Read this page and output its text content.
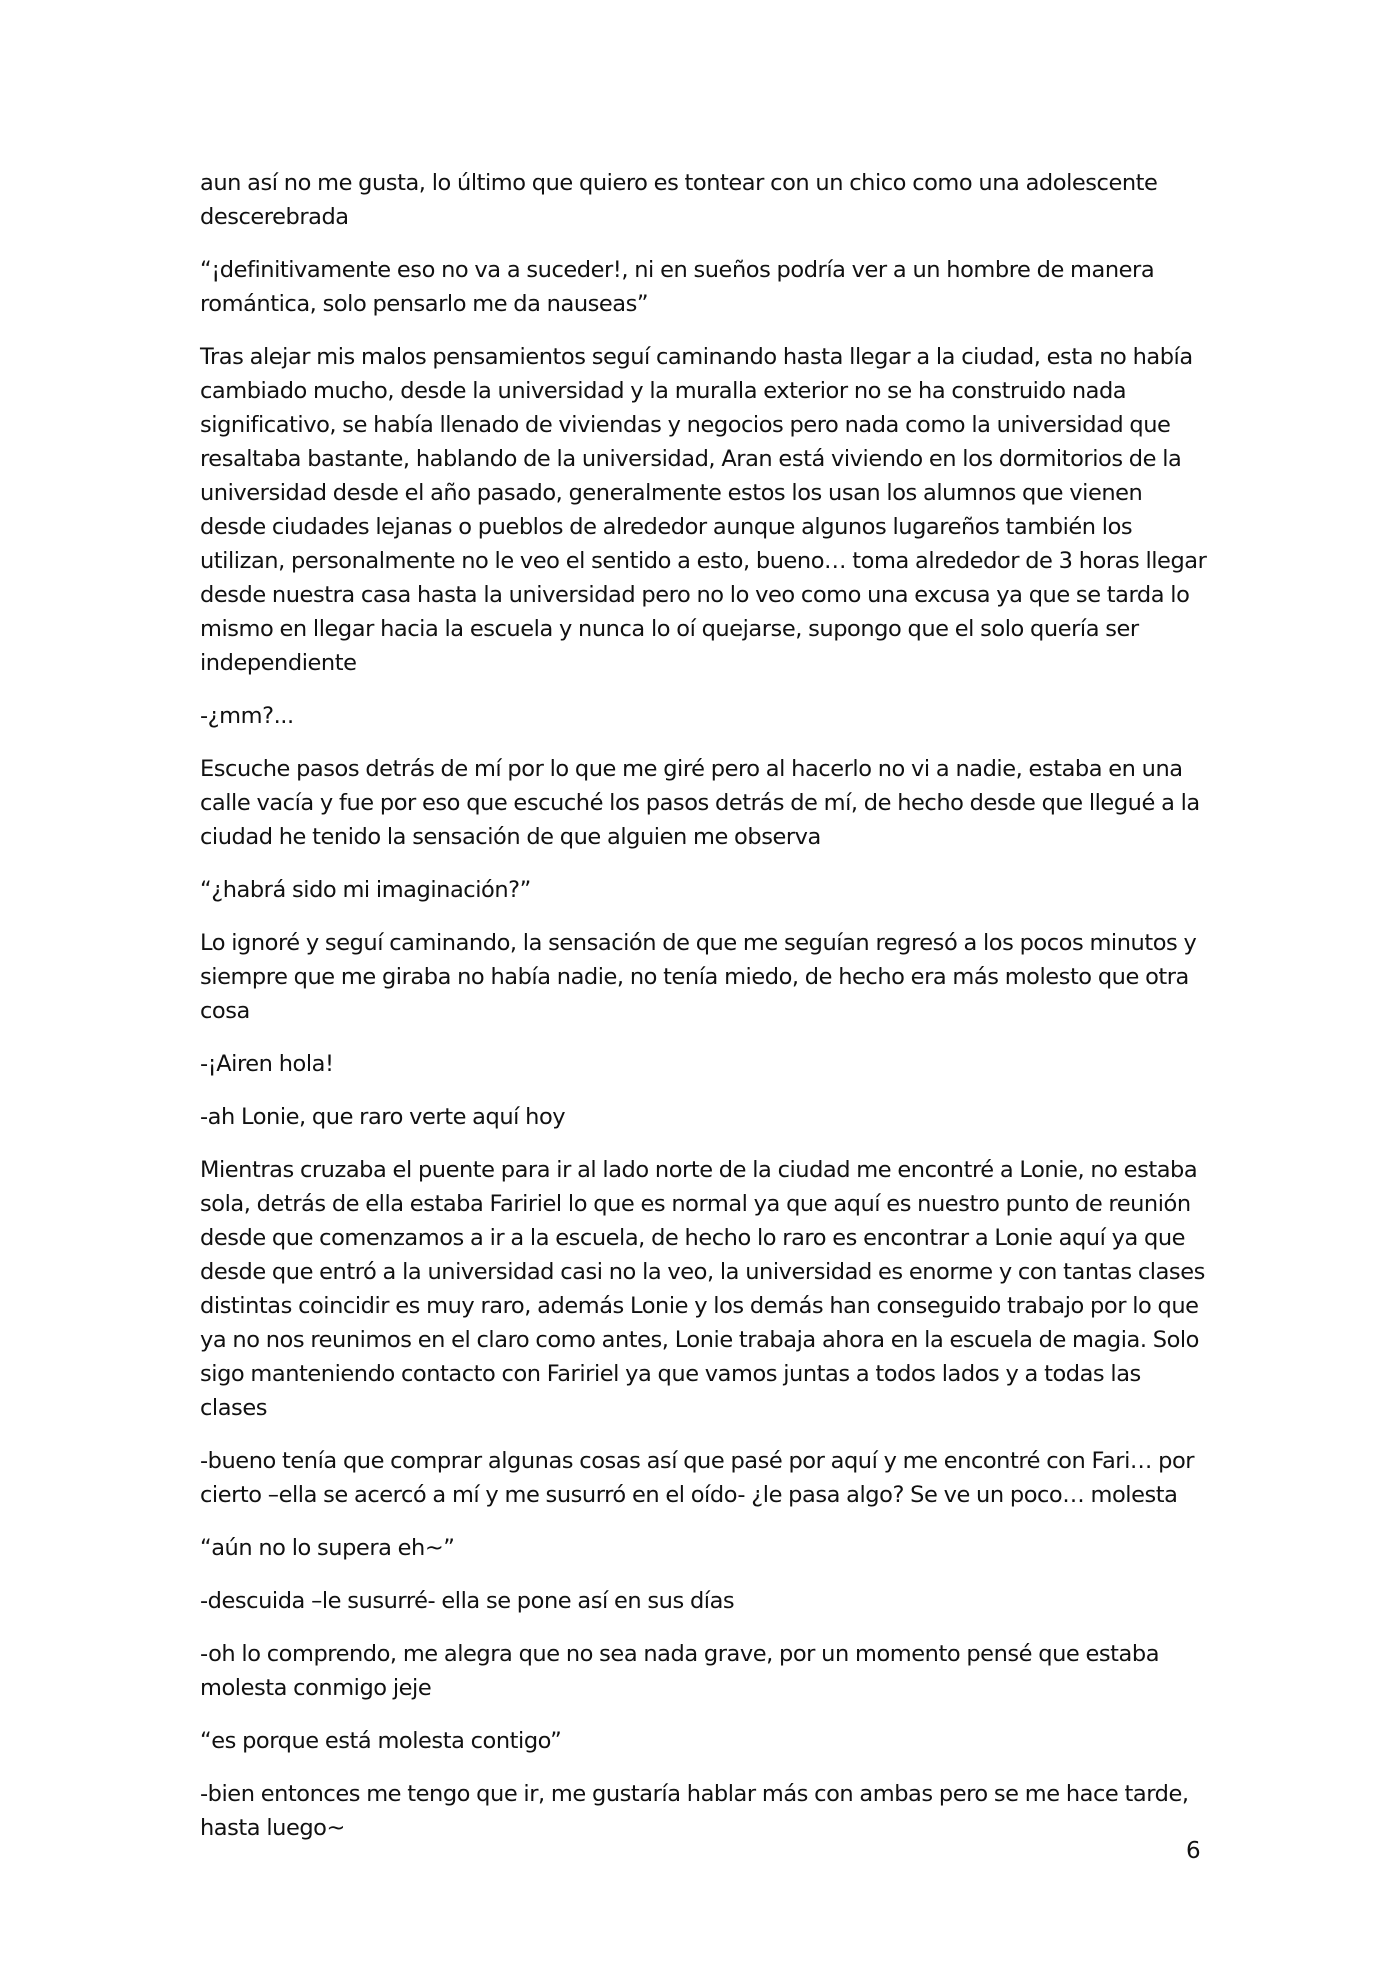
aun así no me gusta, lo último que quiero es tontear con un chico como una adolescente descerebrada

“¡definitivamente eso no va a suceder!, ni en sueños podría ver a un hombre de manera romántica, solo pensarlo me da nauseas”

Tras alejar mis malos pensamientos seguí caminando hasta llegar a la ciudad, esta no había cambiado mucho, desde la universidad y la muralla exterior no se ha construido nada significativo, se había llenado de viviendas y negocios pero nada como la universidad que resaltaba bastante, hablando de la universidad, Aran está viviendo en los dormitorios de la universidad desde el año pasado, generalmente estos los usan los alumnos que vienen desde ciudades lejanas o pueblos de alrededor aunque algunos lugareños también los utilizan, personalmente no le veo el sentido a esto, bueno… toma alrededor de 3 horas llegar desde nuestra casa hasta la universidad pero no lo veo como una excusa ya que se tarda lo mismo en llegar hacia la escuela y nunca lo oí quejarse, supongo que el solo quería ser independiente

-¿mm?...

Escuche pasos detrás de mí por lo que me giré pero al hacerlo no vi a nadie, estaba en una calle vacía y fue por eso que escuché los pasos detrás de mí, de hecho desde que llegué a la ciudad he tenido la sensación de que alguien me observa

“¿habrá sido mi imaginación?”

Lo ignoré y seguí caminando, la sensación de que me seguían regresó a los pocos minutos y siempre que me giraba no había nadie, no tenía miedo, de hecho era más molesto que otra cosa

-¡Airen hola!

-ah Lonie, que raro verte aquí hoy

Mientras cruzaba el puente para ir al lado norte de la ciudad me encontré a Lonie, no estaba sola, detrás de ella estaba Faririel lo que es normal ya que aquí es nuestro punto de reunión desde que comenzamos a ir a la escuela, de hecho lo raro es encontrar a Lonie aquí ya que desde que entró a la universidad casi no la veo, la universidad es enorme y con tantas clases distintas coincidir es muy raro, además Lonie y los demás han conseguido trabajo por lo que ya no nos reunimos en el claro como antes, Lonie trabaja ahora en la escuela de magia. Solo sigo manteniendo contacto con Faririel ya que vamos juntas a todos lados y a todas las clases

-bueno tenía que comprar algunas cosas así que pasé por aquí y me encontré con Fari… por cierto –ella se acercó a mí y me susurró en el oído- ¿le pasa algo? Se ve un poco… molesta

“aún no lo supera eh~”

-descuida –le susurré- ella se pone así en sus días

-oh lo comprendo, me alegra que no sea nada grave, por un momento pensé que estaba molesta conmigo jeje

“es porque está molesta contigo”

-bien entonces me tengo que ir, me gustaría hablar más con ambas pero se me hace tarde, hasta luego~

6
